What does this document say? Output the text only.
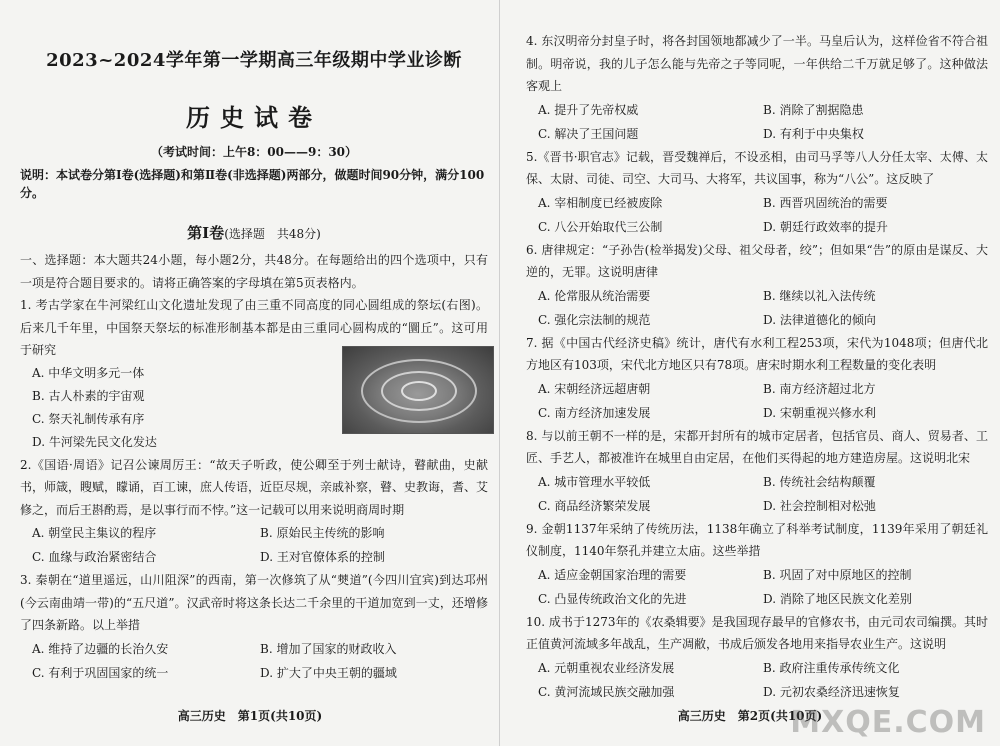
2023~2024学年第一学期高三年级期中学业诊断
历史试卷
（考试时间：上午8：00——9：30）
说明：本试卷分第Ⅰ卷(选择题)和第Ⅱ卷(非选择题)两部分，做题时间90分钟，满分100分。
第Ⅰ卷(选择题　共48分)
一、选择题：本大题共24小题，每小题2分，共48分。在每题给出的四个选项中，只有一项是符合题目要求的。请将正确答案的字母填在第5页表格内。
1. 考古学家在牛河梁红山文化遗址发现了由三重不同高度的同心圆组成的祭坛(右图)。后来几千年里，中国祭天祭坛的标准形制基本都是由三重同心圆构成的“圜丘”。这可用于研究
A. 中华文明多元一体
B. 古人朴素的宇宙观
C. 祭天礼制传承有序
D. 牛河梁先民文化发达
2.《国语·周语》记召公谏周厉王：“故天子听政，使公卿至于列士献诗，瞽献曲，史献书，师箴，瞍赋，矇诵，百工谏，庶人传语，近臣尽规，亲戚补察，瞽、史教诲，耆、艾修之，而后王斟酌焉，是以事行而不悖。”这一记载可以用来说明商周时期
A. 朝堂民主集议的程序	B. 原始民主传统的影响
C. 血缘与政治紧密结合	D. 王对官僚体系的控制
3. 秦朝在“道里遥远，山川阻深”的西南，第一次修筑了从“僰道”(今四川宜宾)到达邛州(今云南曲靖一带)的“五尺道”。汉武帝时将这条长达二千余里的干道加宽到一丈，还增修了四条新路。以上举措
A. 维持了边疆的长治久安	B. 增加了国家的财政收入
C. 有利于巩固国家的统一	D. 扩大了中央王朝的疆域
高三历史　第1页(共10页)
4. 东汉明帝分封皇子时，将各封国领地都减少了一半。马皇后认为，这样俭省不符合祖制。明帝说，我的儿子怎么能与先帝之子等同呢，一年供给二千万就足够了。这种做法客观上
A. 提升了先帝权威	B. 消除了割据隐患
C. 解决了王国问题	D. 有利于中央集权
5.《晋书·职官志》记载，晋受魏禅后，不设丞相，由司马孚等八人分任太宰、太傅、太保、太尉、司徒、司空、大司马、大将军，共议国事，称为“八公”。这反映了
A. 宰相制度已经被废除	B. 西晋巩固统治的需要
C. 八公开始取代三公制	D. 朝廷行政效率的提升
6. 唐律规定：“子孙告(检举揭发)父母、祖父母者，绞”；但如果“告”的原由是谋反、大逆的，无罪。这说明唐律
A. 伦常服从统治需要	B. 继续以礼入法传统
C. 强化宗法制的规范	D. 法律道德化的倾向
7. 据《中国古代经济史稿》统计，唐代有水利工程253项，宋代为1048项；但唐代北方地区有103项，宋代北方地区只有78项。唐宋时期水利工程数量的变化表明
A. 宋朝经济远超唐朝	B. 南方经济超过北方
C. 南方经济加速发展	D. 宋朝重视兴修水利
8. 与以前王朝不一样的是，宋都开封所有的城市定居者，包括官员、商人、贸易者、工匠、手艺人，都被准许在城里自由定居，在他们买得起的地方建造房屋。这说明北宋
A. 城市管理水平较低	B. 传统社会结构颠覆
C. 商品经济繁荣发展	D. 社会控制相对松弛
9. 金朝1137年采纳了传统历法，1138年确立了科举考试制度，1139年采用了朝廷礼仪制度，1140年祭孔并建立太庙。这些举措
A. 适应金朝国家治理的需要	B. 巩固了对中原地区的控制
C. 凸显传统政治文化的先进	D. 消除了地区民族文化差别
10. 成书于1273年的《农桑辑要》是我国现存最早的官修农书，由元司农司编撰。其时正值黄河流域多年战乱，生产凋敝，书成后颁发各地用来指导农业生产。这说明
A. 元朝重视农业经济发展	B. 政府注重传承传统文化
C. 黄河流域民族交融加强	D. 元初农桑经济迅速恢复
高三历史　第2页(共10页)
MXQE.COM
